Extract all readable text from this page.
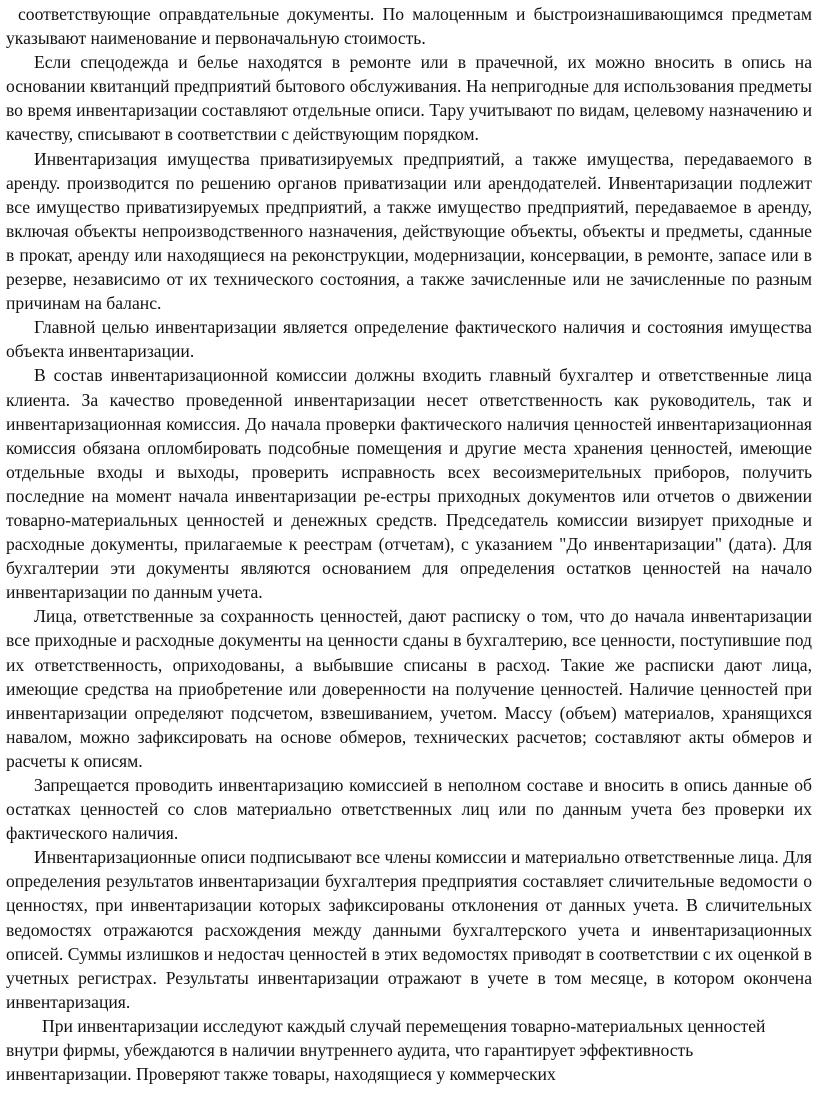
соответствующие оправдательные документы. По малоценным и быстроизнашивающимся предметам указывают наименование и первоначальную стоимость.

Если спецодежда и белье находятся в ремонте или в прачечной, их можно вносить в опись на основании квитанций предприятий бытового обслуживания. На непригодные для использования предметы во время инвентаризации составляют отдельные описи. Тару учитывают по видам, целевому назначению и качеству, списывают в соответствии с действующим порядком.

Инвентаризация имущества приватизируемых предприятий, а также имущества, передаваемого в аренду. производится по решению органов приватизации или арендодателей. Инвентаризации подлежит все имущество приватизируемых предприятий, а также имущество предприятий, передаваемое в аренду, включая объекты непроизводственного назначения, действующие объекты, объекты и предметы, сданные в прокат, аренду или находящиеся на реконструкции, модернизации, консервации, в ремонте, запасе или в резерве, независимо от их технического состояния, а также зачисленные или не зачисленные по разным причинам на баланс.

Главной целью инвентаризации является определение фактического наличия и состояния имущества объекта инвентаризации.

В состав инвентаризационной комиссии должны входить главный бухгалтер и ответственные лица клиента. За качество проведенной инвентаризации несет ответственность как руководитель, так и инвентаризационная комиссия. До начала проверки фактического наличия ценностей инвентаризационная комиссия обязана опломбировать подсобные помещения и другие места хранения ценностей, имеющие отдельные входы и выходы, проверить исправность всех весоизмерительных приборов, получить последние на момент начала инвентаризации ре-естры приходных документов или отчетов о движении товарно-материальных ценностей и денежных средств. Председатель комиссии визирует приходные и расходные документы, прилагаемые к реестрам (отчетам), с указанием "До инвентаризации" (дата). Для бухгалтерии эти документы являются основанием для определения остатков ценностей на начало инвентаризации по данным учета.

Лица, ответственные за сохранность ценностей, дают расписку о том, что до начала инвентаризации все приходные и расходные документы на ценности сданы в бухгалтерию, все ценности, поступившие под их ответственность, оприходованы, а выбывшие списаны в расход. Такие же расписки дают лица, имеющие средства на приобретение или доверенности на получение ценностей. Наличие ценностей при инвентаризации определяют подсчетом, взвешиванием, учетом. Массу (объем) материалов, хранящихся навалом, можно зафиксировать на основе обмеров, технических расчетов; составляют акты обмеров и расчеты к описям.

Запрещается проводить инвентаризацию комиссией в неполном составе и вносить в опись данные об остатках ценностей со слов материально ответственных лиц или по данным учета без проверки их фактического наличия.

Инвентаризационные описи подписывают все члены комиссии и материально ответственные лица. Для определения результатов инвентаризации бухгалтерия предприятия составляет сличительные ведомости о ценностях, при инвентаризации которых зафиксированы отклонения от данных учета. В сличительных ведомостях отражаются расхождения между данными бухгалтерского учета и инвентаризационных описей. Суммы излишков и недостач ценностей в этих ведомостях приводят в соответствии с их оценкой в учетных регистрах. Результаты инвентаризации отражают в учете в том месяце, в котором окончена инвентаризация.

При инвентаризации исследуют каждый случай перемещения товарно-материальных ценностей внутри фирмы, убеждаются в наличии внутреннего аудита, что гарантирует эффективность инвентаризации. Проверяют также товары, находящиеся у коммерческих
